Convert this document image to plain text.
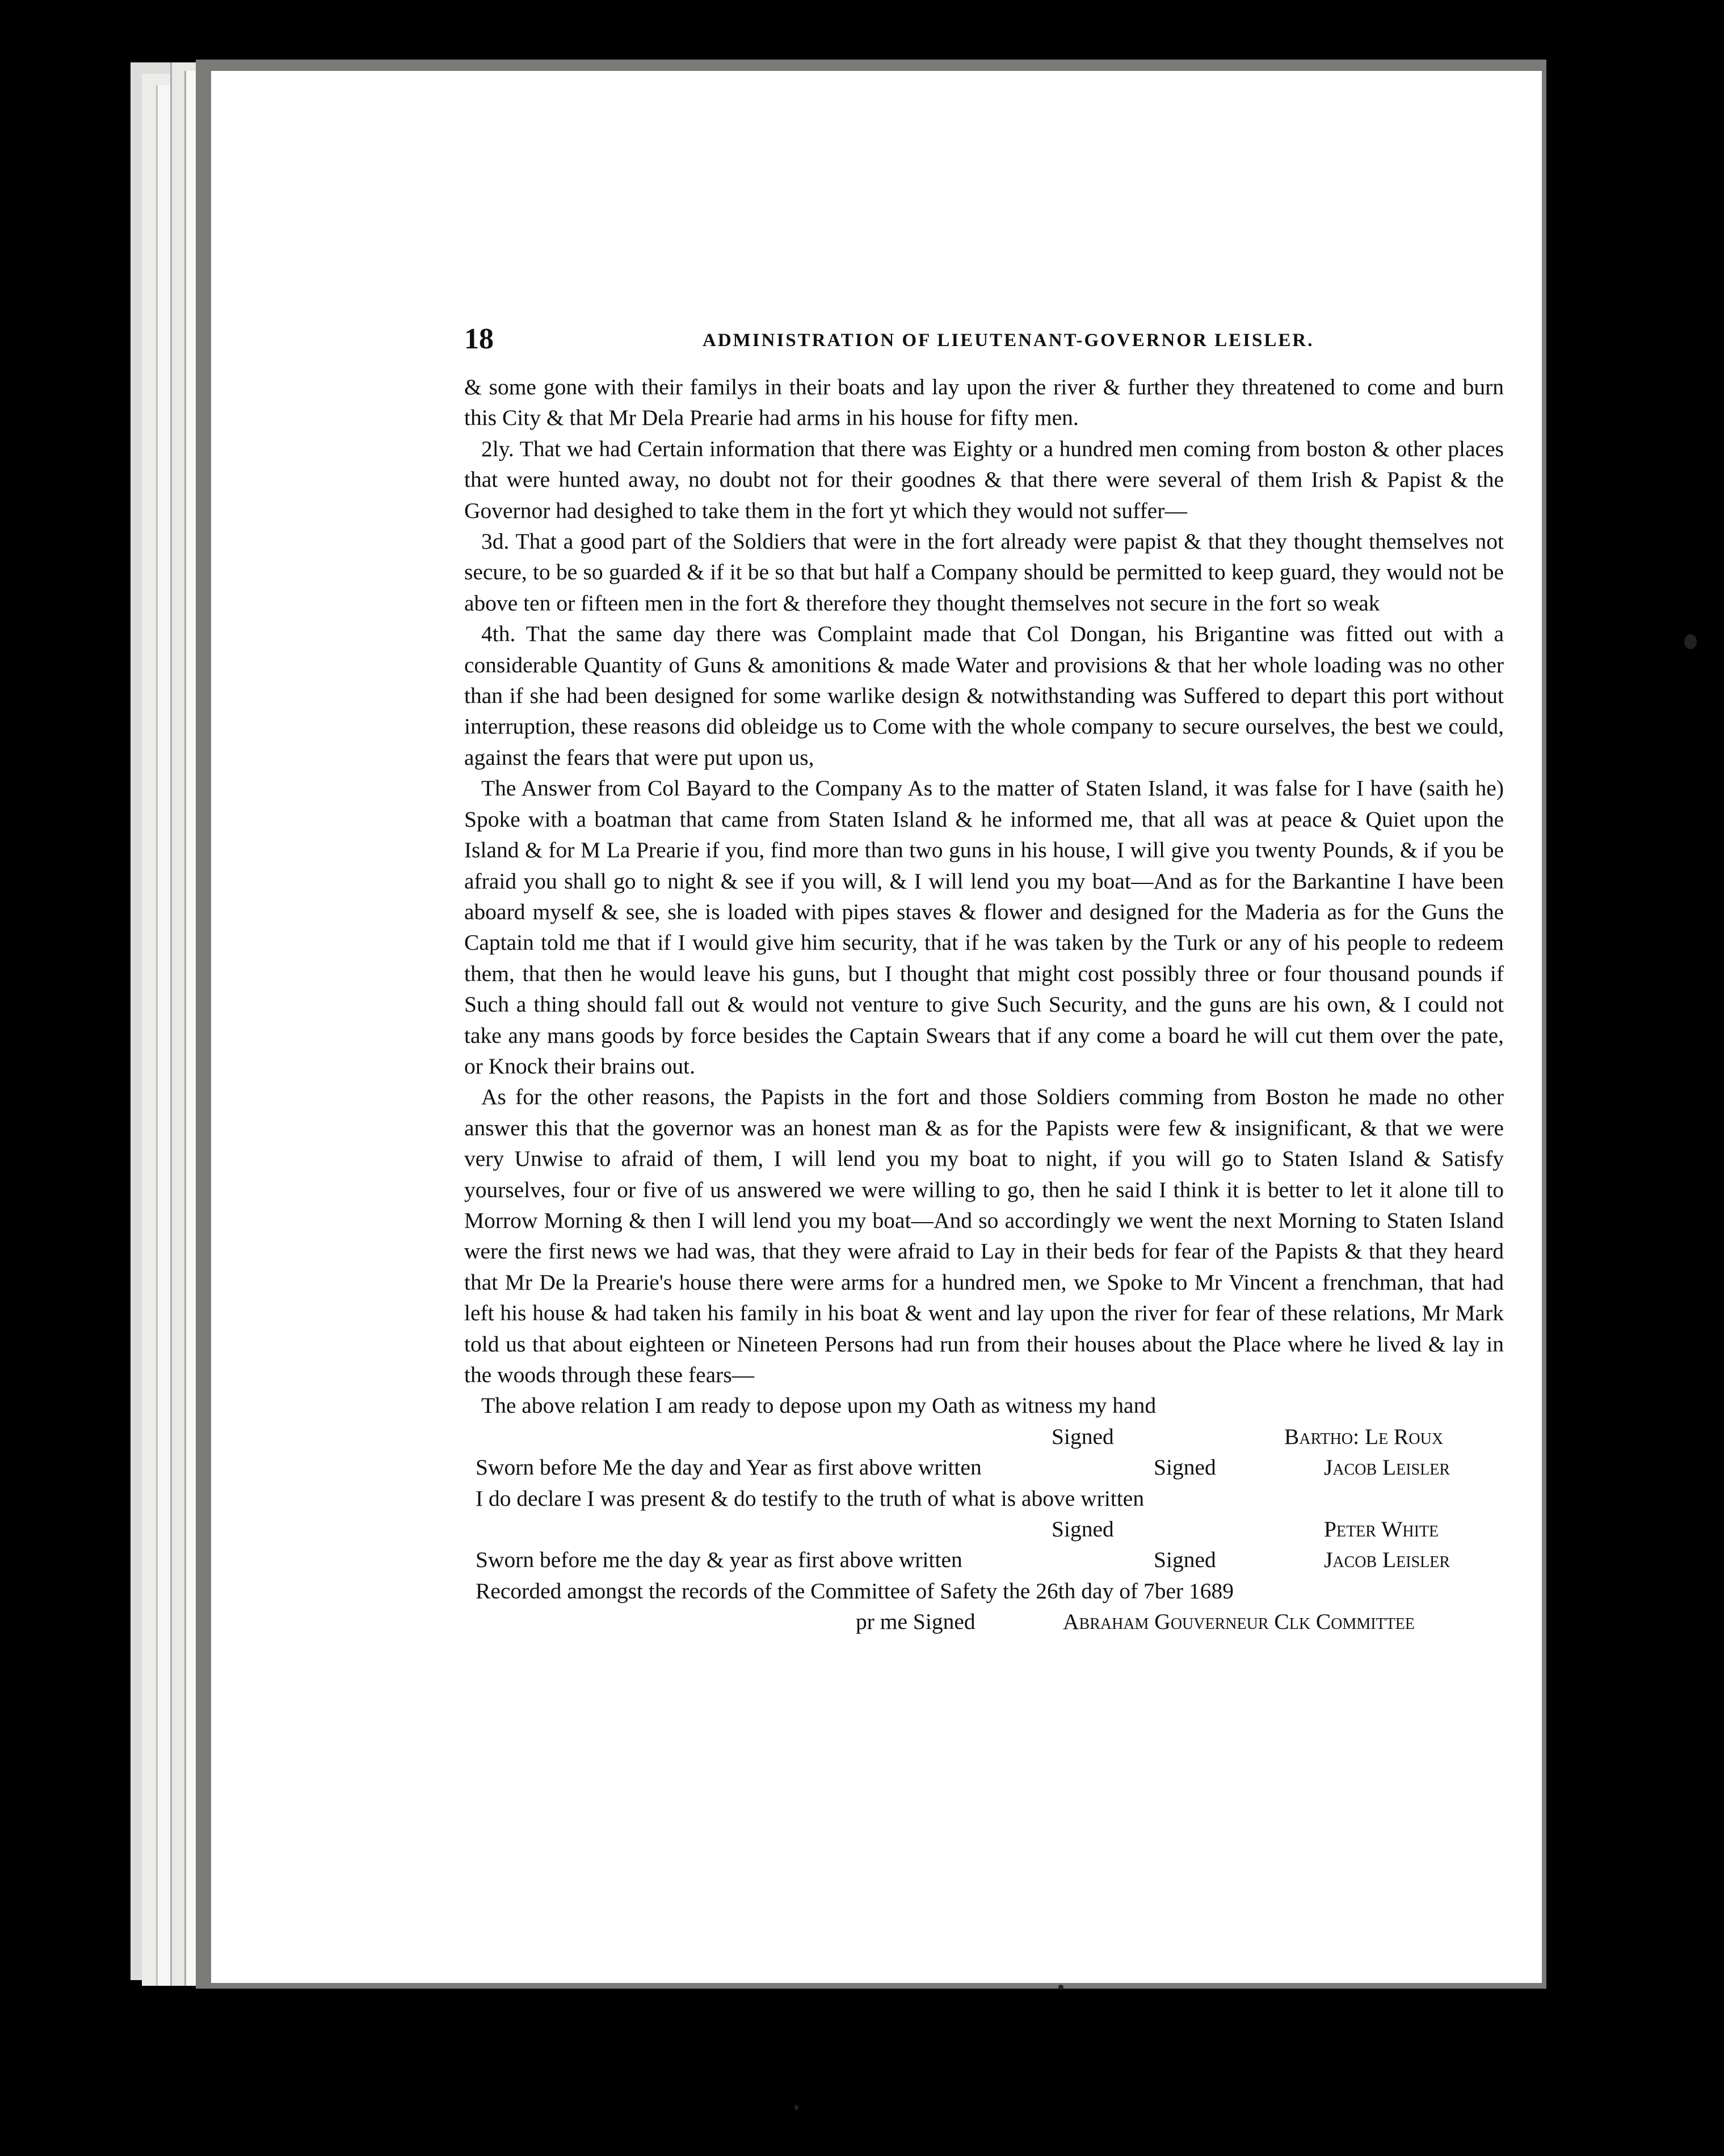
18	ADMINISTRATION OF LIEUTENANT-GOVERNOR LEISLER.

& some gone with their familys in their boats and lay upon the river & further they threatened to come and burn this City & that Mr Dela Prearie had arms in his house for fifty men.

2ly. That we had Certain information that there was Eighty or a hundred men coming from boston & other places that were hunted away, no doubt not for their goodnes & that there were several of them Irish & Papist & the Governor had desighed to take them in the fort yt which they would not suffer—

3d. That a good part of the Soldiers that were in the fort already were papist & that they thought themselves not secure, to be so guarded & if it be so that but half a Company should be permitted to keep guard, they would not be above ten or fifteen men in the fort & therefore they thought themselves not secure in the fort so weak

4th. That the same day there was Complaint made that Col Dongan, his Brigantine was fitted out with a considerable Quantity of Guns & amonitions & made Water and provisions & that her whole loading was no other than if she had been designed for some warlike design & notwithstanding was Suffered to depart this port without interruption, these reasons did obleidge us to Come with the whole company to secure ourselves, the best we could, against the fears that were put upon us,

The Answer from Col Bayard to the Company As to the matter of Staten Island, it was false for I have (saith he) Spoke with a boatman that came from Staten Island & he informed me, that all was at peace & Quiet upon the Island & for M La Prearie if you, find more than two guns in his house, I will give you twenty Pounds, & if you be afraid you shall go to night & see if you will, & I will lend you my boat—And as for the Barkantine I have been aboard myself & see, she is loaded with pipes staves & flower and designed for the Maderia as for the Guns the Captain told me that if I would give him security, that if he was taken by the Turk or any of his people to redeem them, that then he would leave his guns, but I thought that might cost possibly three or four thousand pounds if Such a thing should fall out & would not venture to give Such Security, and the guns are his own, & I could not take any mans goods by force besides the Captain Swears that if any come a board he will cut them over the pate, or Knock their brains out.

As for the other reasons, the Papists in the fort and those Soldiers comming from Boston he made no other answer this that the governor was an honest man & as for the Papists were few & insignificant, & that we were very Unwise to afraid of them, I will lend you my boat to night, if you will go to Staten Island & Satisfy yourselves, four or five of us answered we were willing to go, then he said I think it is better to let it alone till to Morrow Morning & then I will lend you my boat—And so accordingly we went the next Morning to Staten Island were the first news we had was, that they were afraid to Lay in their beds for fear of the Papists & that they heard that Mr De la Prearie's house there were arms for a hundred men, we Spoke to Mr Vincent a frenchman, that had left his house & had taken his family in his boat & went and lay upon the river for fear of these relations, Mr Mark told us that about eighteen or Nineteen Persons had run from their houses about the Place where he lived & lay in the woods through these fears—

The above relation I am ready to depose upon my Oath as witness my hand

Signed	Bartho: Le Roux
Sworn before Me the day and Year as first above written	Signed	Jacob Leisler
I do declare I was present & do testify to the truth of what is above written
Signed	Peter White
Sworn before me the day & year as first above written	Signed	Jacob Leisler
Recorded amongst the records of the Committee of Safety the 26th day of 7ber 1689
pr me Signed	Abraham Gouverneur Clk Committee
